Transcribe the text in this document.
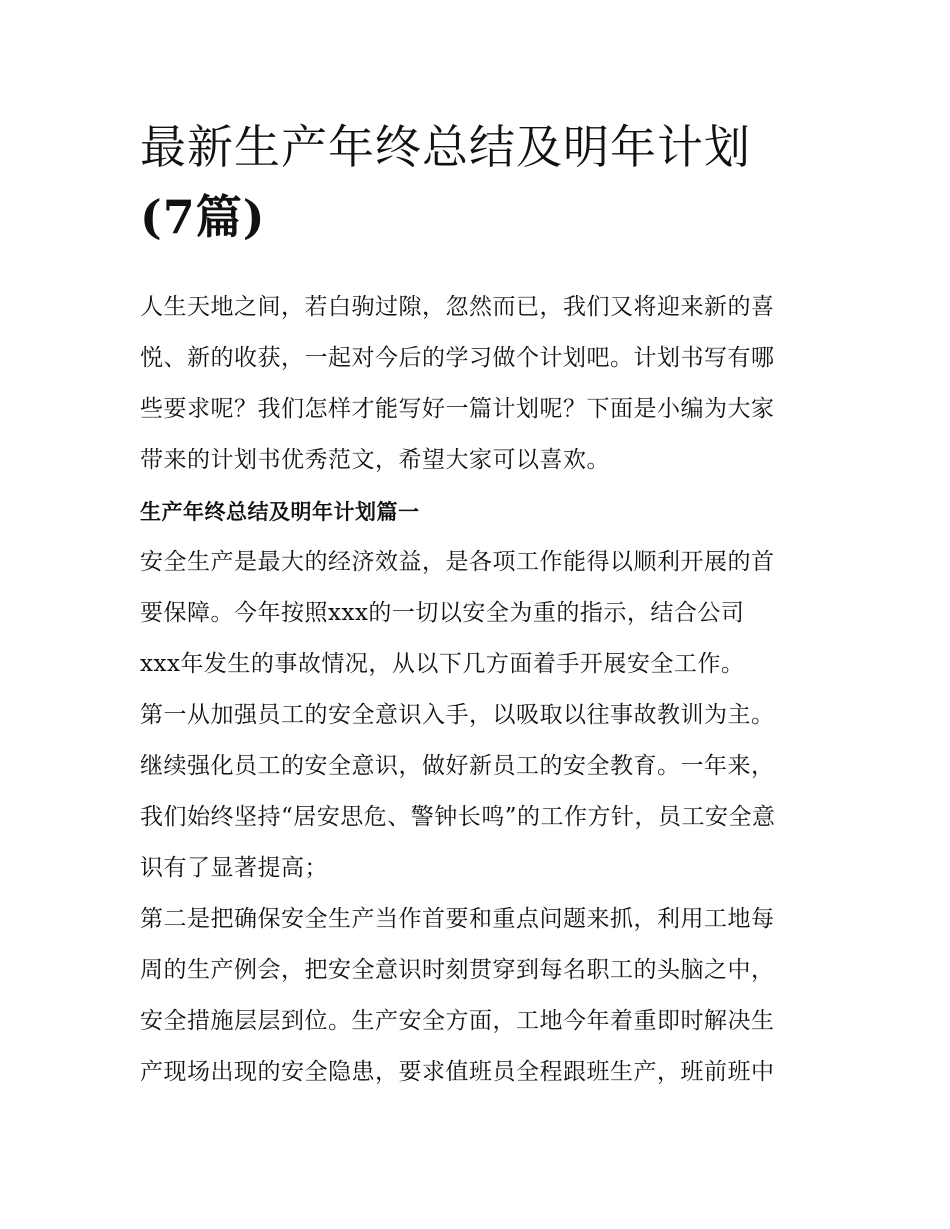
最新生产年终总结及明年计划
(7篇)

人生天地之间，若白驹过隙，忽然而已，我们又将迎来新的喜
悦、新的收获，一起对今后的学习做个计划吧。计划书写有哪
些要求呢？我们怎样才能写好一篇计划呢？下面是小编为大家
带来的计划书优秀范文，希望大家可以喜欢。

生产年终总结及明年计划篇一

安全生产是最大的经济效益，是各项工作能得以顺利开展的首
要保障。今年按照xxx的一切以安全为重的指示，结合公司
xxx年发生的事故情况，从以下几方面着手开展安全工作。

第一从加强员工的安全意识入手，以吸取以往事故教训为主。
继续强化员工的安全意识，做好新员工的安全教育。一年来，
我们始终坚持“居安思危、警钟长鸣”的工作方针，员工安全意
识有了显著提高；

第二是把确保安全生产当作首要和重点问题来抓，利用工地每
周的生产例会，把安全意识时刻贯穿到每名职工的头脑之中，
安全措施层层到位。生产安全方面，工地今年着重即时解决生
产现场出现的安全隐患，要求值班员全程跟班生产，班前班中
